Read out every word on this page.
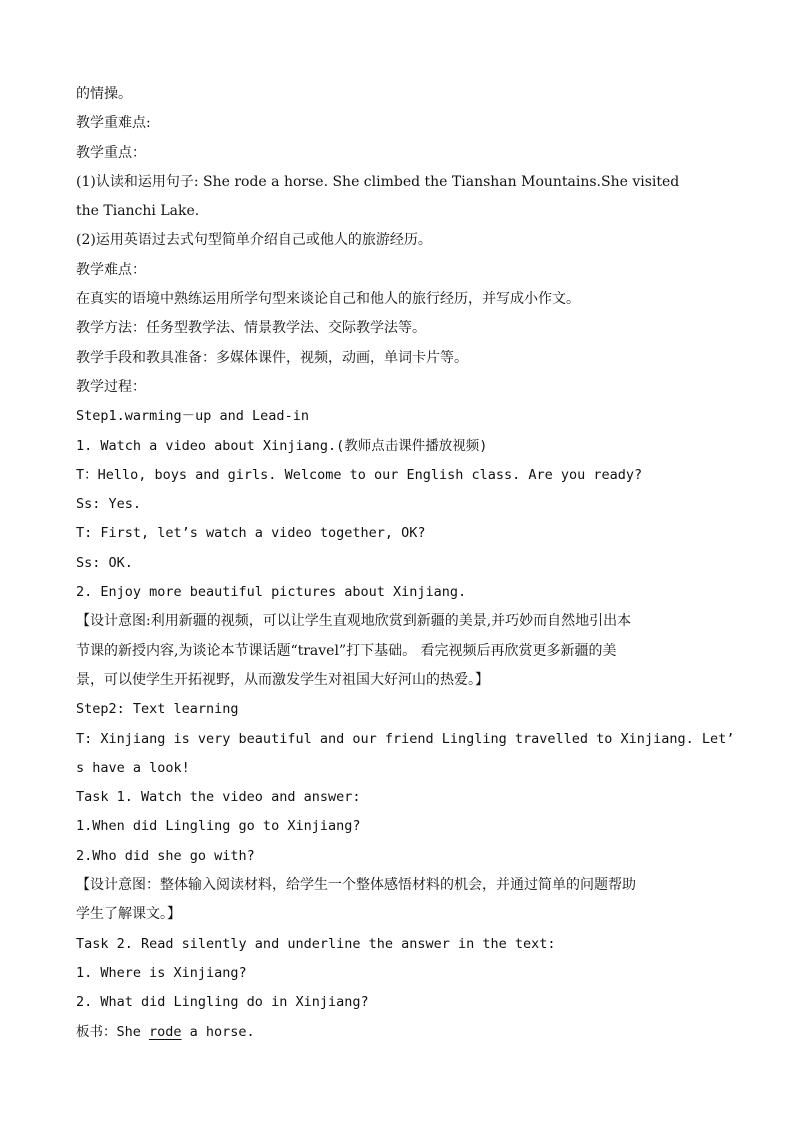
的情操。
教学重难点:
教学重点：
(1)认读和运用句子: She rode a horse. She climbed the Tianshan Mountains.She visited
the Tianchi Lake.
(2)运用英语过去式句型简单介绍自己或他人的旅游经历。
教学难点：
在真实的语境中熟练运用所学句型来谈论自己和他人的旅行经历，并写成小作文。
教学方法：任务型教学法、情景教学法、交际教学法等。
教学手段和教具准备：多媒体课件，视频，动画，单词卡片等。
教学过程：
Step1.warming－up and Lead-in
1. Watch a video about Xinjiang.(教师点击课件播放视频)
T：Hello, boys and girls. Welcome to our English class. Are you ready?
Ss: Yes.
T: First, let’s watch a video together, OK?
Ss: OK.
2. Enjoy more beautiful pictures about Xinjiang.
【设计意图:利用新疆的视频，可以让学生直观地欣赏到新疆的美景,并巧妙而自然地引出本
节课的新授内容,为谈论本节课话题“travel”打下基础。 看完视频后再欣赏更多新疆的美
景，可以使学生开拓视野，从而激发学生对祖国大好河山的热爱。】
Step2: Text learning
T: Xinjiang is very beautiful and our friend Lingling travelled to Xinjiang. Let’
s have a look!
Task 1. Watch the video and answer:
1.When did Lingling go to Xinjiang?
2.Who did she go with?
【设计意图：整体输入阅读材料，给学生一个整体感悟材料的机会，并通过简单的问题帮助
学生了解课文。】
Task 2. Read silently and underline the answer in the text:
1. Where is Xinjiang?
2. What did Lingling do in Xinjiang?
板书：She rode a horse.
